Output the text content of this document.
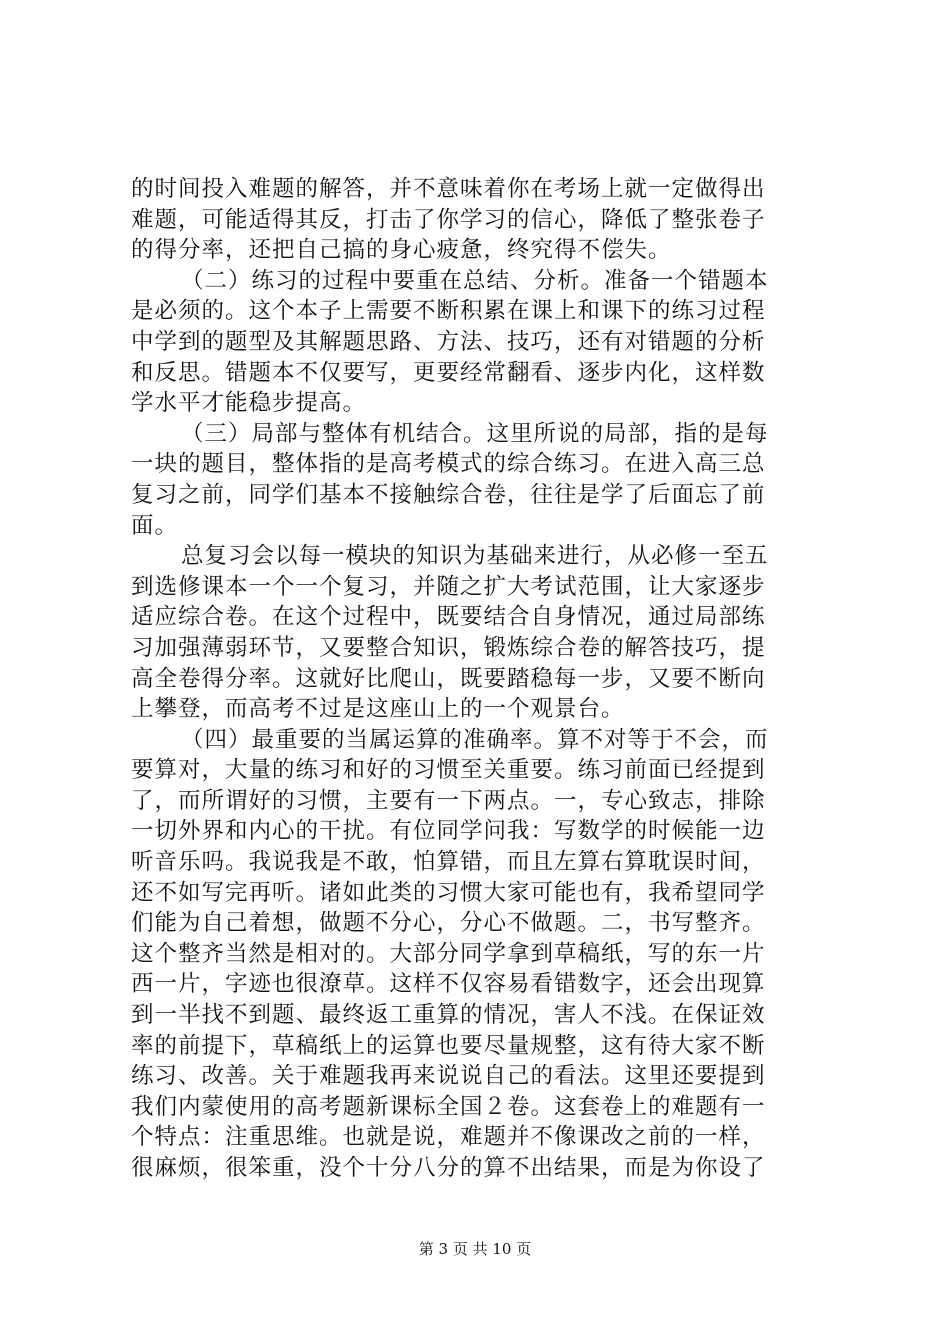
的时间投入难题的解答，并不意味着你在考场上就一定做得出
难题，可能适得其反，打击了你学习的信心，降低了整张卷子
的得分率，还把自己搞的身心疲惫，终究得不偿失。
（二）练习的过程中要重在总结、分析。准备一个错题本
是必须的。这个本子上需要不断积累在课上和课下的练习过程
中学到的题型及其解题思路、方法、技巧，还有对错题的分析
和反思。错题本不仅要写，更要经常翻看、逐步内化，这样数
学水平才能稳步提高。
（三）局部与整体有机结合。这里所说的局部，指的是每
一块的题目，整体指的是高考模式的综合练习。在进入高三总
复习之前，同学们基本不接触综合卷，往往是学了后面忘了前
面。
总复习会以每一模块的知识为基础来进行，从必修一至五
到选修课本一个一个复习，并随之扩大考试范围，让大家逐步
适应综合卷。在这个过程中，既要结合自身情况，通过局部练
习加强薄弱环节，又要整合知识，锻炼综合卷的解答技巧，提
高全卷得分率。这就好比爬山，既要踏稳每一步，又要不断向
上攀登，而高考不过是这座山上的一个观景台。
（四）最重要的当属运算的准确率。算不对等于不会，而
要算对，大量的练习和好的习惯至关重要。练习前面已经提到
了，而所谓好的习惯，主要有一下两点。一，专心致志，排除
一切外界和内心的干扰。有位同学问我：写数学的时候能一边
听音乐吗。我说我是不敢，怕算错，而且左算右算耽误时间，
还不如写完再听。诸如此类的习惯大家可能也有，我希望同学
们能为自己着想，做题不分心，分心不做题。二，书写整齐。
这个整齐当然是相对的。大部分同学拿到草稿纸，写的东一片
西一片，字迹也很潦草。这样不仅容易看错数字，还会出现算
到一半找不到题、最终返工重算的情况，害人不浅。在保证效
率的前提下，草稿纸上的运算也要尽量规整，这有待大家不断
练习、改善。关于难题我再来说说自己的看法。这里还要提到
我们内蒙使用的高考题新课标全国２卷。这套卷上的难题有一
个特点：注重思维。也就是说，难题并不像课改之前的一样，
很麻烦，很笨重，没个十分八分的算不出结果，而是为你设了
第 3 页 共 10 页
